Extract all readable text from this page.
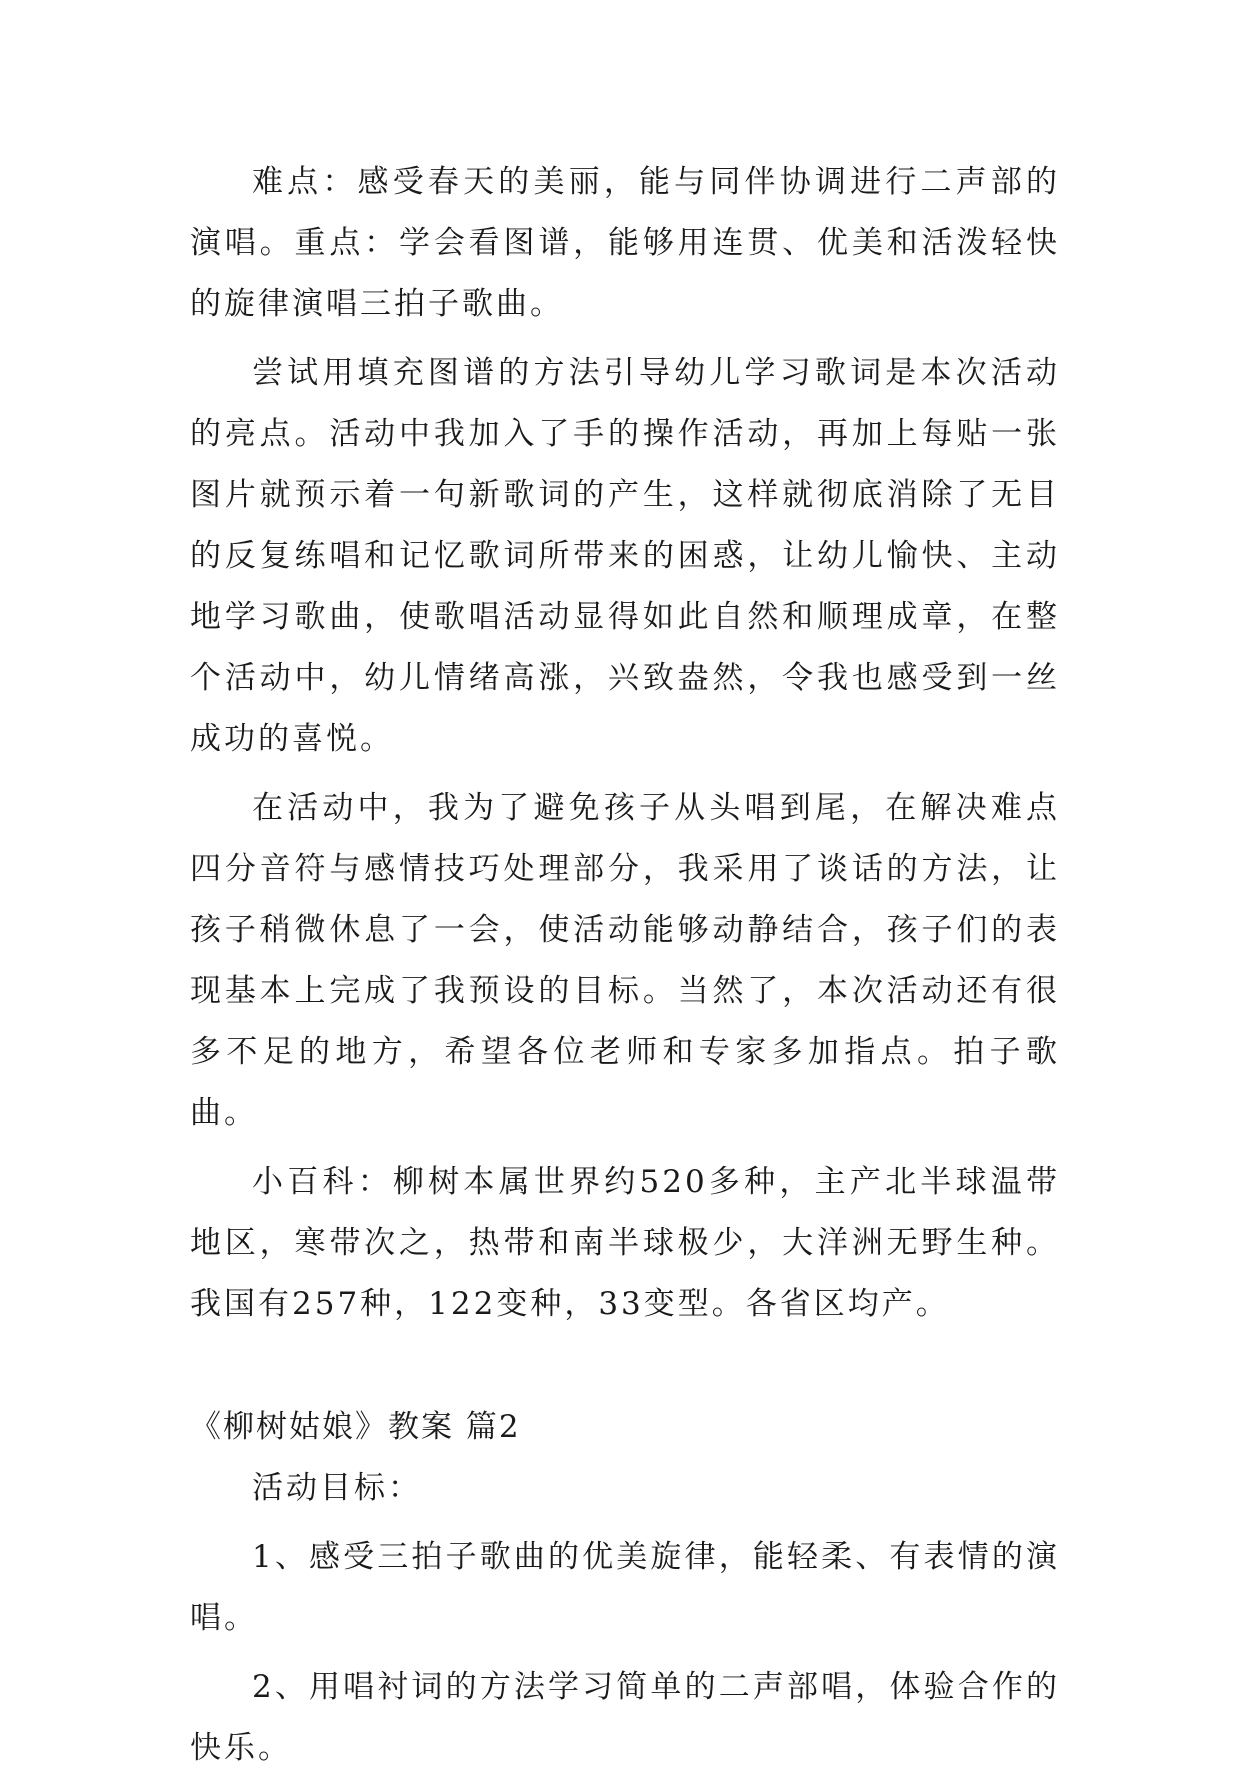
难点：感受春天的美丽，能与同伴协调进行二声部的演唱。重点：学会看图谱，能够用连贯、优美和活泼轻快的旋律演唱三拍子歌曲。

尝试用填充图谱的方法引导幼儿学习歌词是本次活动的亮点。活动中我加入了手的操作活动，再加上每贴一张图片就预示着一句新歌词的产生，这样就彻底消除了无目的反复练唱和记忆歌词所带来的困惑，让幼儿愉快、主动地学习歌曲，使歌唱活动显得如此自然和顺理成章，在整个活动中，幼儿情绪高涨，兴致盎然，令我也感受到一丝成功的喜悦。

在活动中，我为了避免孩子从头唱到尾，在解决难点四分音符与感情技巧处理部分，我采用了谈话的方法，让孩子稍微休息了一会，使活动能够动静结合，孩子们的表现基本上完成了我预设的目标。当然了，本次活动还有很多不足的地方，希望各位老师和专家多加指点。拍子歌曲。

小百科：柳树本属世界约520多种，主产北半球温带地区，寒带次之，热带和南半球极少，大洋洲无野生种。我国有257种，122变种，33变型。各省区均产。

《柳树姑娘》教案 篇2

活动目标：

1、感受三拍子歌曲的优美旋律，能轻柔、有表情的演唱。

2、用唱衬词的方法学习简单的二声部唱，体验合作的快乐。
